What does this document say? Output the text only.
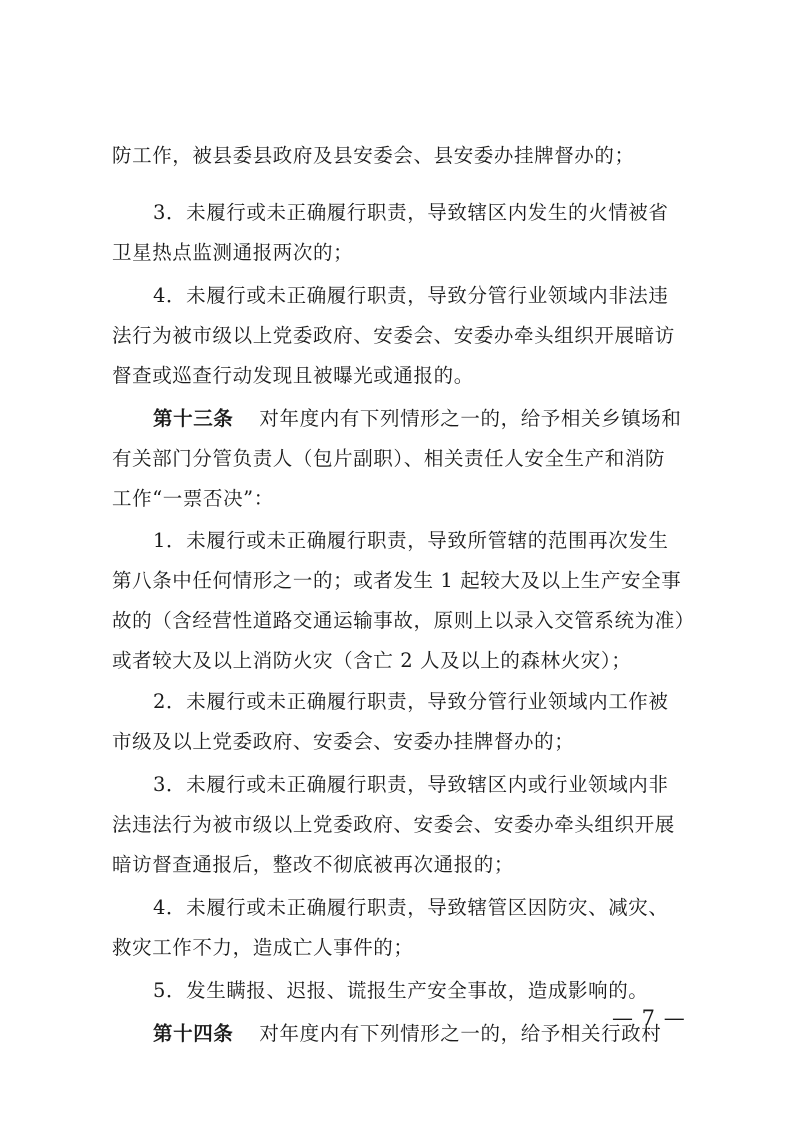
防工作，被县委县政府及县安委会、县安委办挂牌督办的；
3．未履行或未正确履行职责，导致辖区内发生的火情被省
卫星热点监测通报两次的；
4．未履行或未正确履行职责，导致分管行业领域内非法违
法行为被市级以上党委政府、安委会、安委办牵头组织开展暗访
督查或巡查行动发现且被曝光或通报的。
第十三条 对年度内有下列情形之一的，给予相关乡镇场和
有关部门分管负责人（包片副职）、相关责任人安全生产和消防
工作“一票否决”：
1．未履行或未正确履行职责，导致所管辖的范围再次发生
第八条中任何情形之一的；或者发生 1 起较大及以上生产安全事
故的（含经营性道路交通运输事故，原则上以录入交管系统为准）
或者较大及以上消防火灾（含亡 2 人及以上的森林火灾）；
2．未履行或未正确履行职责，导致分管行业领域内工作被
市级及以上党委政府、安委会、安委办挂牌督办的；
3．未履行或未正确履行职责，导致辖区内或行业领域内非
法违法行为被市级以上党委政府、安委会、安委办牵头组织开展
暗访督查通报后，整改不彻底被再次通报的；
4．未履行或未正确履行职责，导致辖管区因防灾、减灾、
救灾工作不力，造成亡人事件的；
5．发生瞒报、迟报、谎报生产安全事故，造成影响的。
第十四条 对年度内有下列情形之一的，给予相关行政村
— 7 —
